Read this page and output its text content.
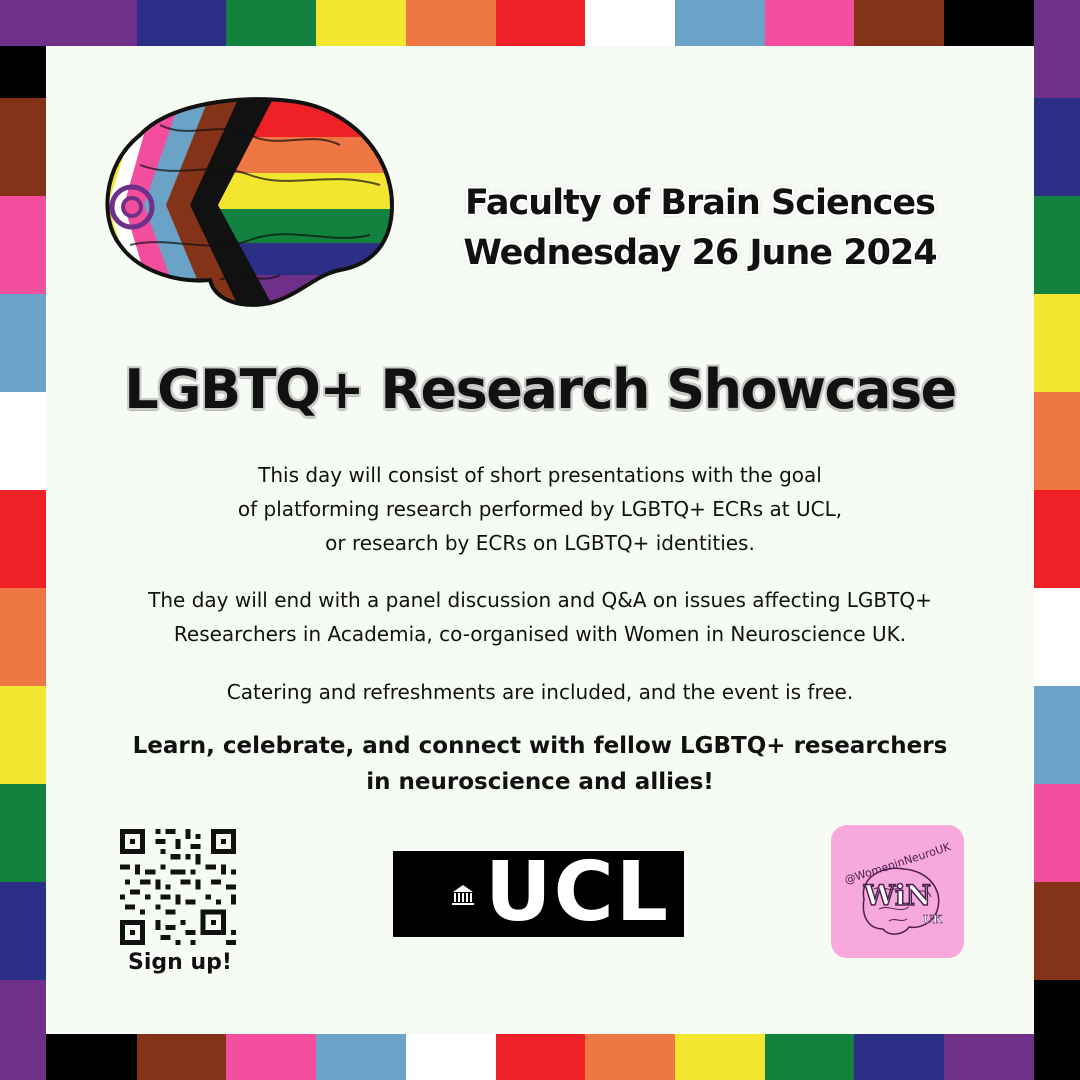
Faculty of Brain Sciences
Wednesday 26 June 2024
LGBTQ+ Research Showcase
This day will consist of short presentations with the goal
of platforming research performed by LGBTQ+ ECRs at UCL,
or research by ECRs on LGBTQ+ identities.
The day will end with a panel discussion and Q&A on issues affecting LGBTQ+
Researchers in Academia, co-organised with Women in Neuroscience UK.
Catering and refreshments are included, and the event is free.
Learn, celebrate, and connect with fellow LGBTQ+ researchers
in neuroscience and allies!
Sign up!
UCL	@WomeninNeuroUK
WiN
UK
